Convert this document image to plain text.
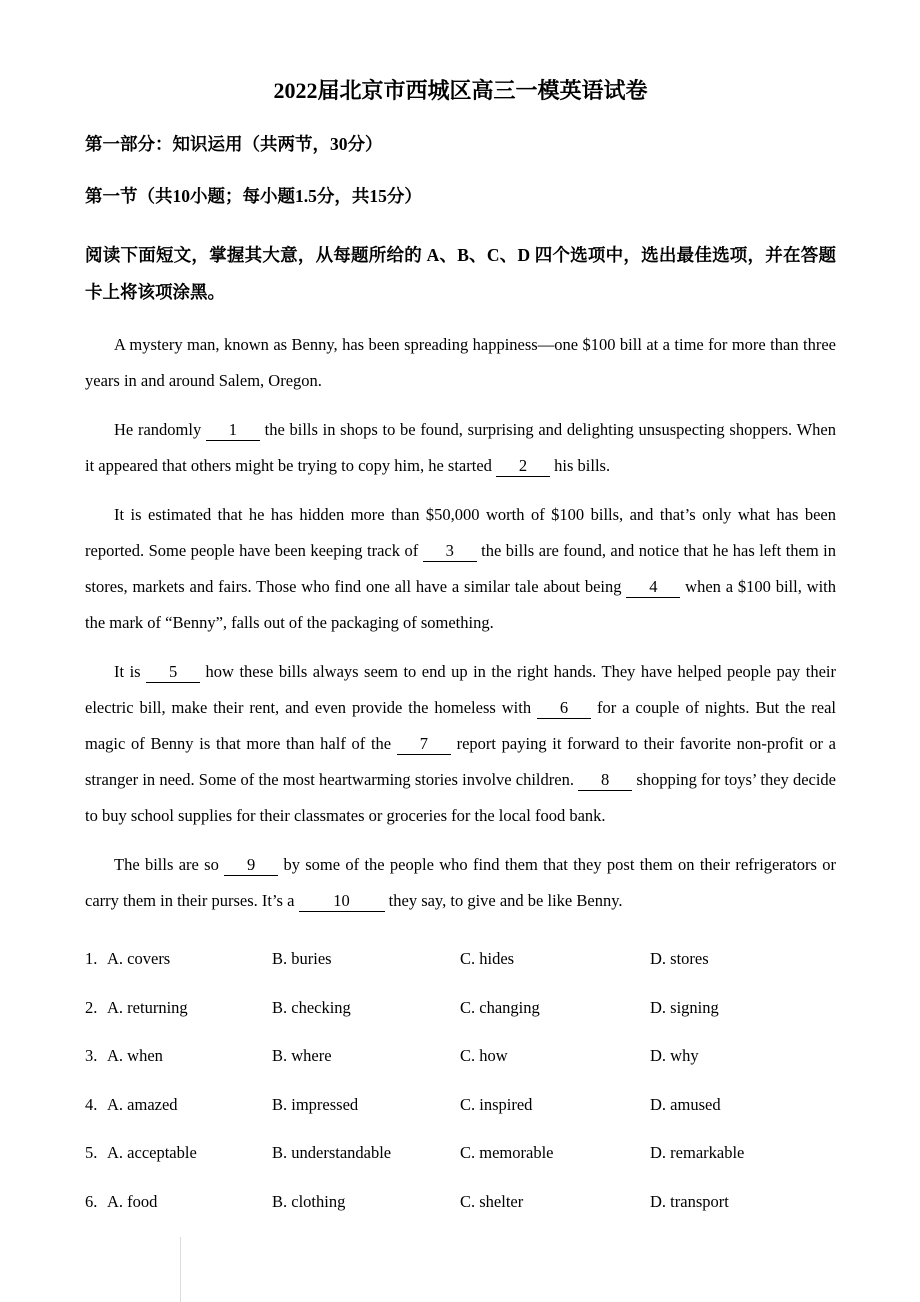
2022届北京市西城区高三一模英语试卷
第一部分：知识运用（共两节，30分）
第一节（共10小题；每小题1.5分，共15分）
阅读下面短文，掌握其大意，从每题所给的 A、B、C、D 四个选项中，选出最佳选项，并在答题卡上将该项涂黑。

A mystery man, known as Benny, has been spreading happiness—one $100 bill at a time for more than three years in and around Salem, Oregon.

He randomly 1 the bills in shops to be found, surprising and delighting unsuspecting shoppers. When it appeared that others might be trying to copy him, he started 2 his bills.

It is estimated that he has hidden more than $50,000 worth of $100 bills, and that’s only what has been reported. Some people have been keeping track of 3 the bills are found, and notice that he has left them in stores, markets and fairs. Those who find one all have a similar tale about being 4 when a $100 bill, with the mark of “Benny”, falls out of the packaging of something.

It is 5 how these bills always seem to end up in the right hands. They have helped people pay their electric bill, make their rent, and even provide the homeless with 6 for a couple of nights. But the real magic of Benny is that more than half of the 7 report paying it forward to their favorite non-profit or a stranger in need. Some of the most heartwarming stories involve children. 8 shopping for toys’ they decide to buy school supplies for their classmates or groceries for the local food bank.

The bills are so 9 by some of the people who find them that they post them on their refrigerators or carry them in their purses. It’s a 10 they say, to give and be like Benny.

1. A. covers	B. buries	C. hides	D. stores
2. A. returning	B. checking	C. changing	D. signing
3. A. when	B. where	C. how	D. why
4. A. amazed	B. impressed	C. inspired	D. amused
5. A. acceptable	B. understandable	C. memorable	D. remarkable
6. A. food	B. clothing	C. shelter	D. transport
